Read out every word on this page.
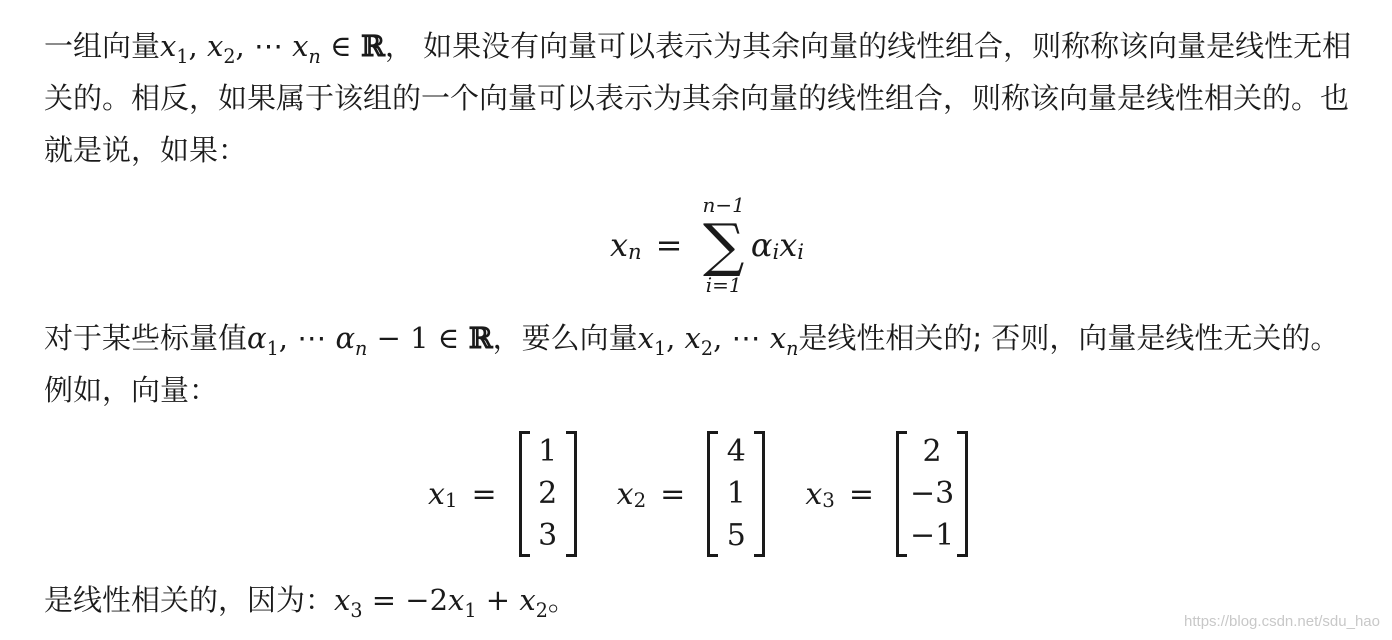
一组向量$x_1$, $x_2$, ⋯ $x_n$ ∈ ℝ， 如果没有向量可以表示为其余向量的线性组合，则称称该向量是线性无相关的。相反，如果属于该组的一个向量可以表示为其余向量的线性组合，则称该向量是线性相关的。也就是说，如果：

x n =
n−1
∑
i=1
α i x i

对于某些标量值$\alpha_1$, ⋯ $\alpha_n - 1$ ∈ ℝ，要么向量$x_1$, $x_2$, ⋯ $x_n$是线性相关的; 否则，向量是线性无关的。例如，向量：

x 1 =
1
2
3
x 2 =
4
1
5
x 3 =
2
−3
−1

是线性相关的，因为：$x_3 = -2x_1 + x_2$。

https://blog.csdn.net/sdu_hao
